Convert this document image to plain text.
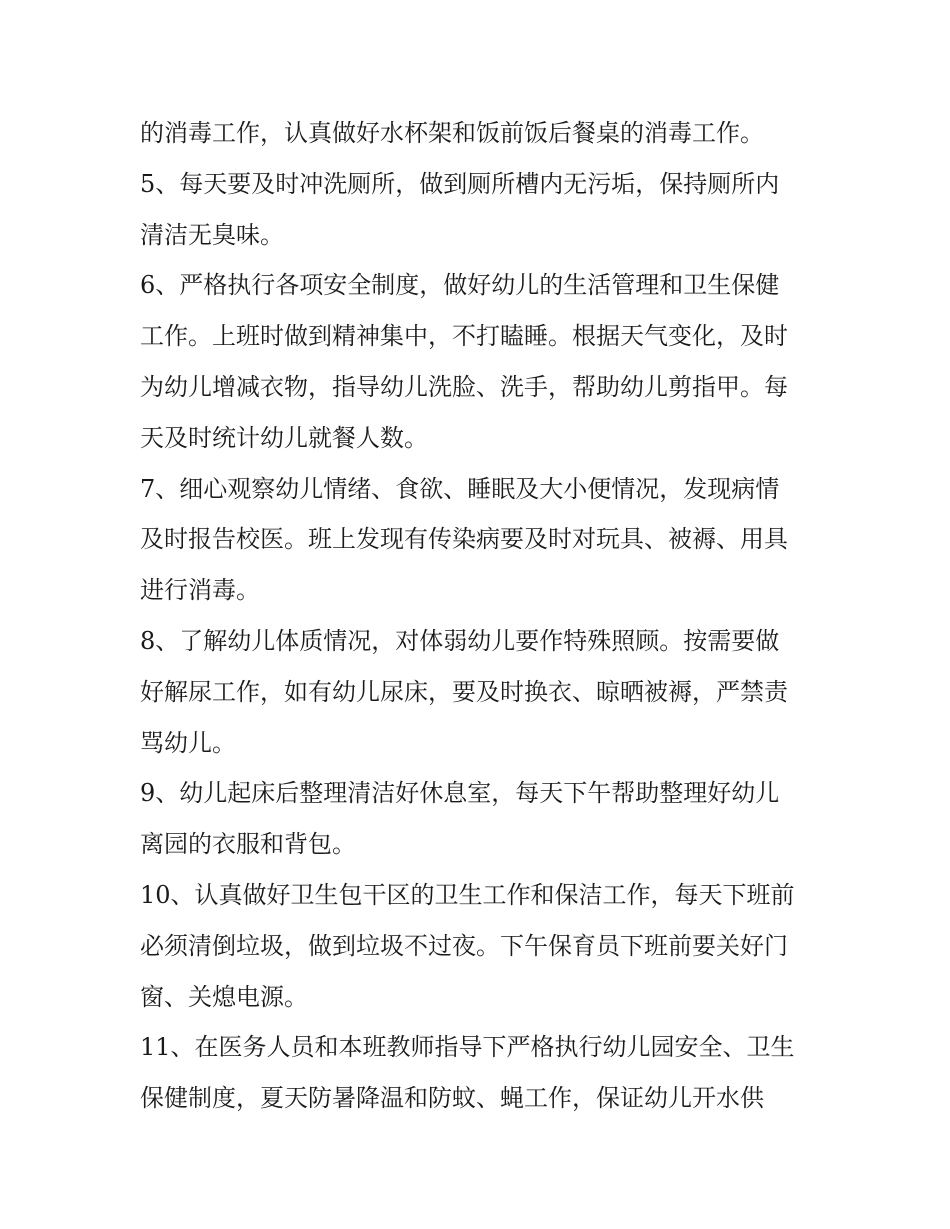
的消毒工作，认真做好水杯架和饭前饭后餐桌的消毒工作。
5、每天要及时冲洗厕所，做到厕所槽内无污垢，保持厕所内
清洁无臭味。
6、严格执行各项安全制度，做好幼儿的生活管理和卫生保健
工作。上班时做到精神集中，不打瞌睡。根据天气变化，及时
为幼儿增减衣物，指导幼儿洗脸、洗手，帮助幼儿剪指甲。每
天及时统计幼儿就餐人数。
7、细心观察幼儿情绪、食欲、睡眠及大小便情况，发现病情
及时报告校医。班上发现有传染病要及时对玩具、被褥、用具
进行消毒。
8、了解幼儿体质情况，对体弱幼儿要作特殊照顾。按需要做
好解尿工作，如有幼儿尿床，要及时换衣、晾晒被褥，严禁责
骂幼儿。
9、幼儿起床后整理清洁好休息室，每天下午帮助整理好幼儿
离园的衣服和背包。
10、认真做好卫生包干区的卫生工作和保洁工作，每天下班前
必须清倒垃圾，做到垃圾不过夜。下午保育员下班前要关好门
窗、关熄电源。
11、在医务人员和本班教师指导下严格执行幼儿园安全、卫生
保健制度，夏天防暑降温和防蚊、蝇工作，保证幼儿开水供
